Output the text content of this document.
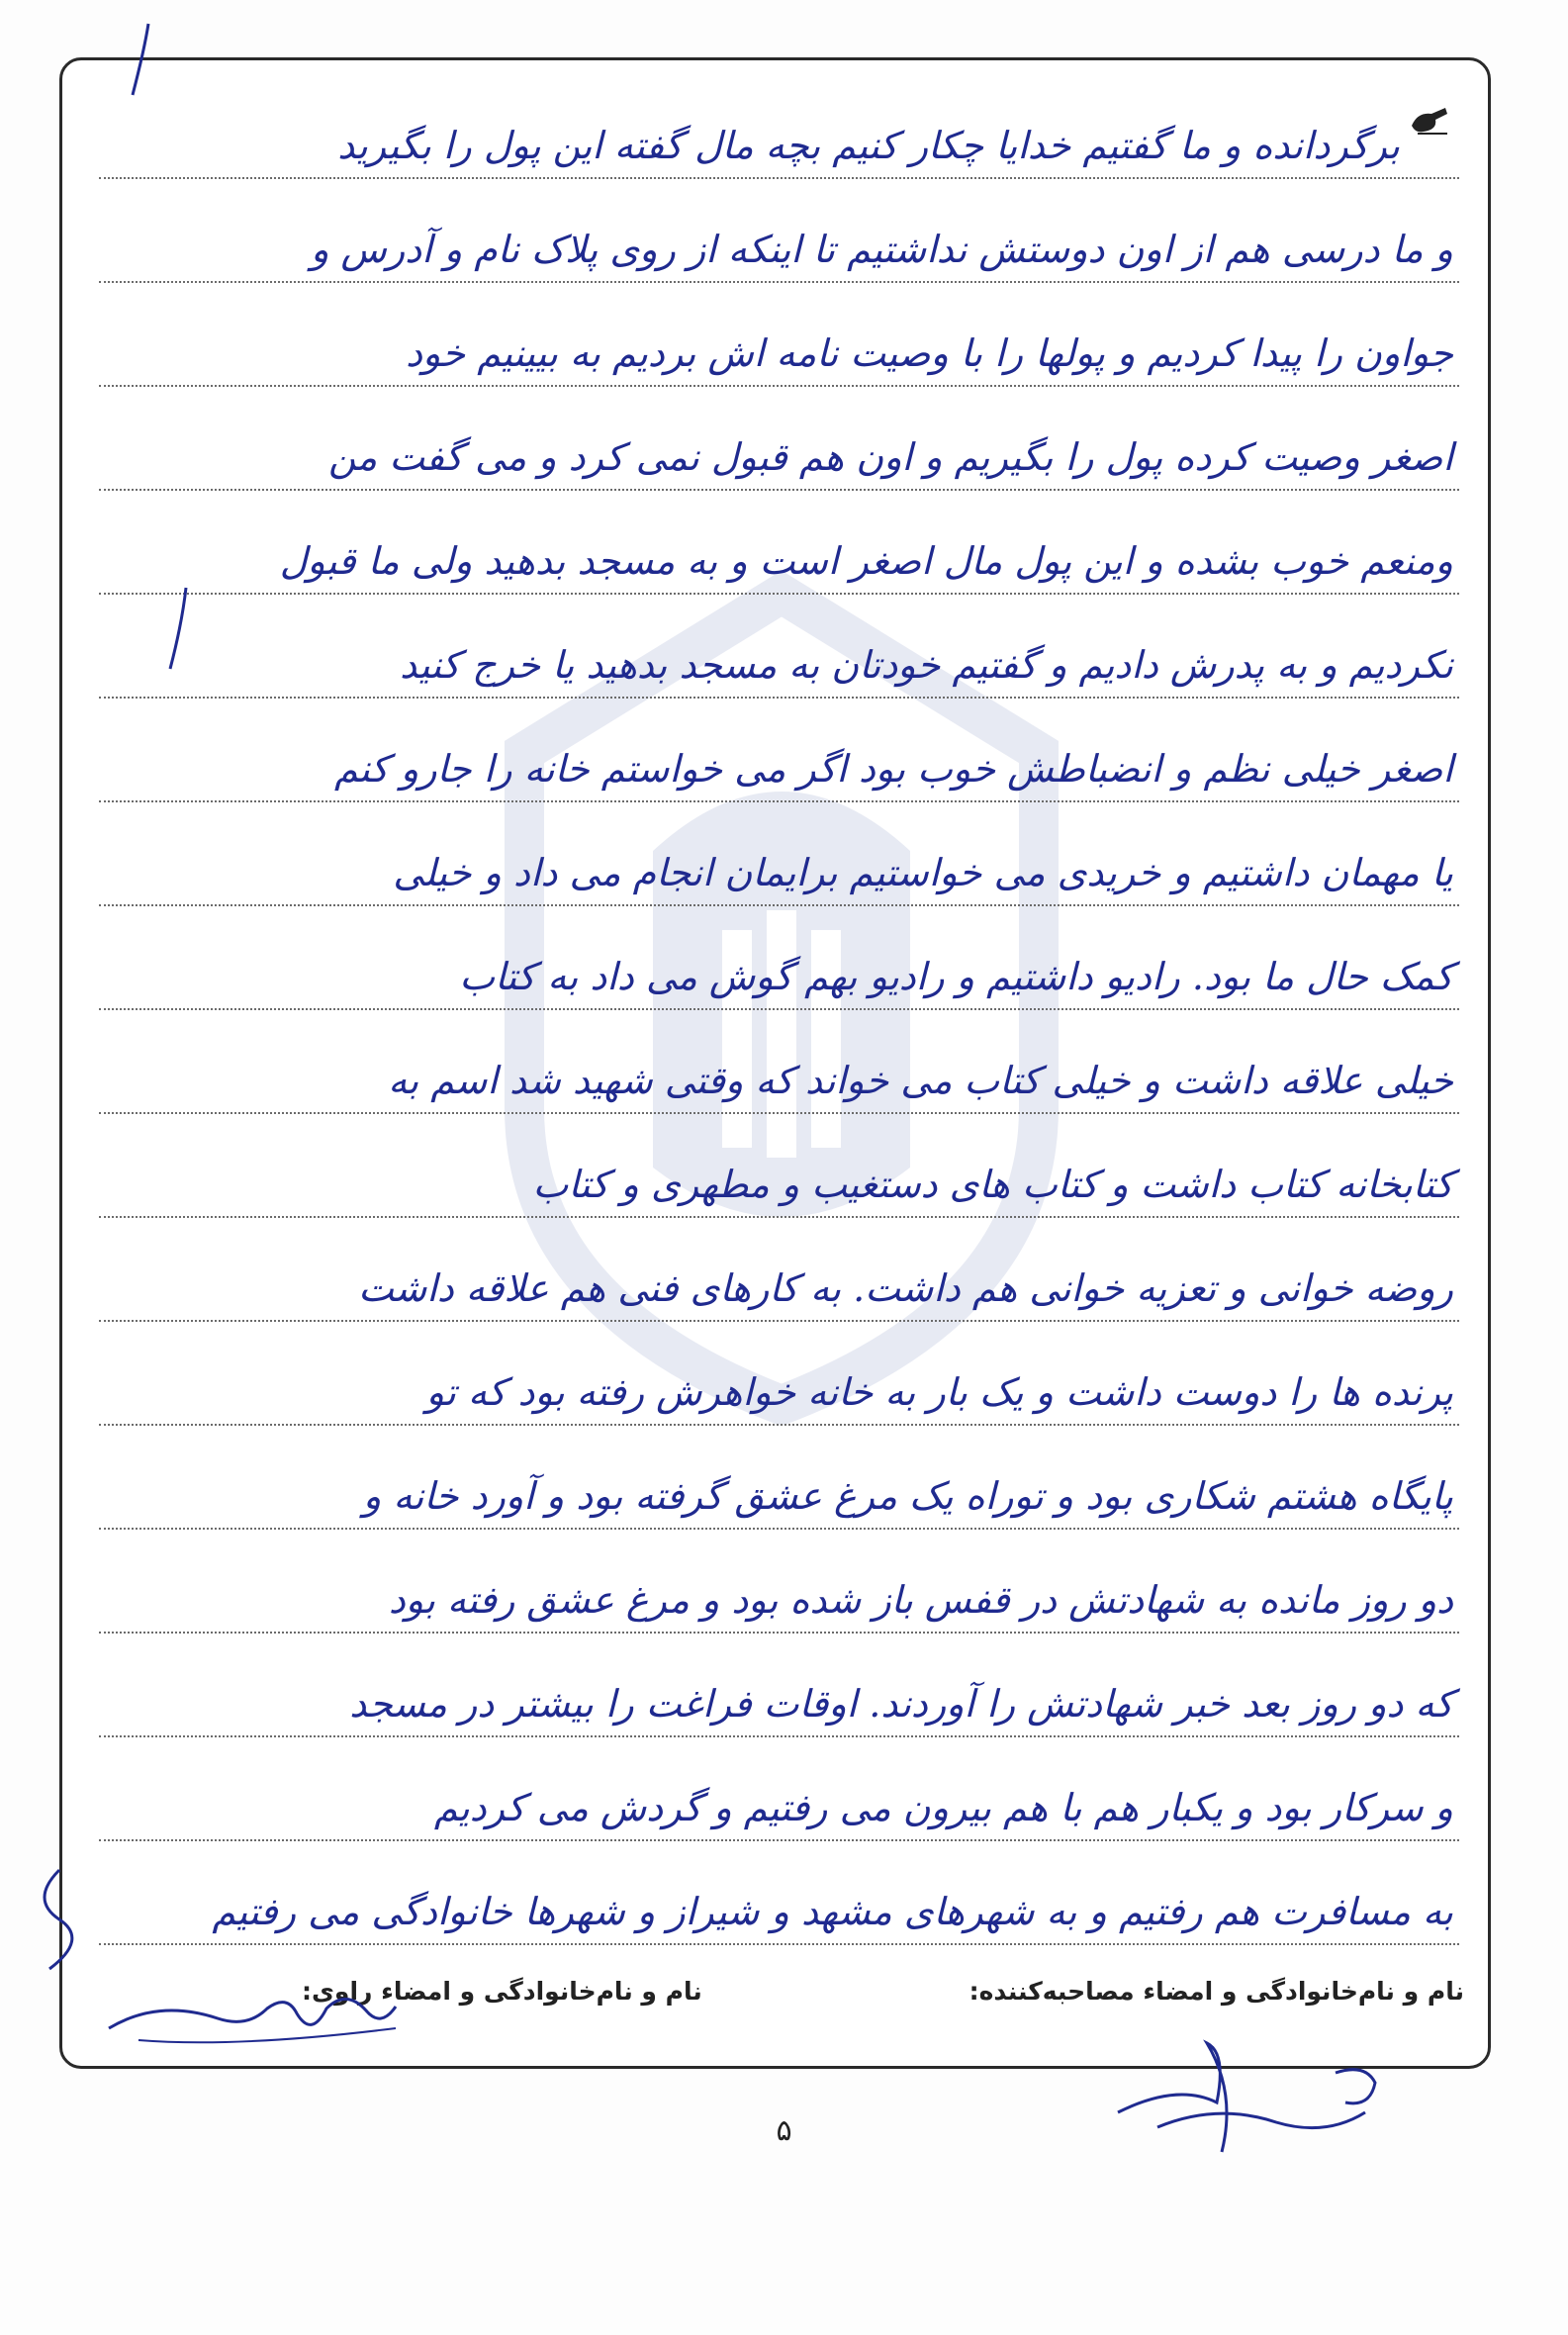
برگردانده و ما گفتیم خدایا چکار کنیم بچه مال گفته این پول را بگیرید
و ما درسی هم از اون دوستش نداشتیم تا اینکه از روی پلاک نام و آدرس و
جواون را پیدا کردیم و پولها را با وصیت نامه اش بردیم به بیینیم خود
اصغر وصیت کرده پول را بگیریم و اون هم قبول نمی کرد و می گفت من
ومنعم خوب بشده و این پول مال اصغر است و به مسجد بدهید ولی ما قبول
نکردیم و به پدرش دادیم و گفتیم خودتان به مسجد بدهید یا خرج کنید
اصغر خیلی نظم و انضباطش خوب بود اگر می خواستم خانه را جارو کنم
یا مهمان داشتیم و خریدی می خواستیم برایمان انجام می داد و خیلی
کمک حال ما بود. رادیو داشتیم و رادیو بهم گوش می داد به کتاب
خیلی علاقه داشت و خیلی کتاب می خواند که وقتی شهید شد اسم به
کتابخانه کتاب داشت و کتاب های دستغیب و مطهری و کتاب
روضه خوانی و تعزیه خوانی هم داشت. به کارهای فنی هم علاقه داشت
پرنده ها را دوست داشت و یک بار به خانه خواهرش رفته بود که تو
پایگاه هشتم شکاری بود و توراه یک مرغ عشق گرفته بود و آورد خانه و
دو روز مانده به شهادتش در قفس باز شده بود و مرغ عشق رفته بود
که دو روز بعد خبر شهادتش را آوردند. اوقات فراغت را بیشتر در مسجد
و سرکار بود و یکبار هم با هم بیرون می رفتیم و گردش می کردیم
به مسافرت هم رفتیم و به شهرهای مشهد و شیراز و شهرها خانوادگی می رفتیم
نام و نام‌خانوادگی و امضاء مصاحبه‌کننده:
نام و نام‌خانوادگی و امضاء راوی:
۵
